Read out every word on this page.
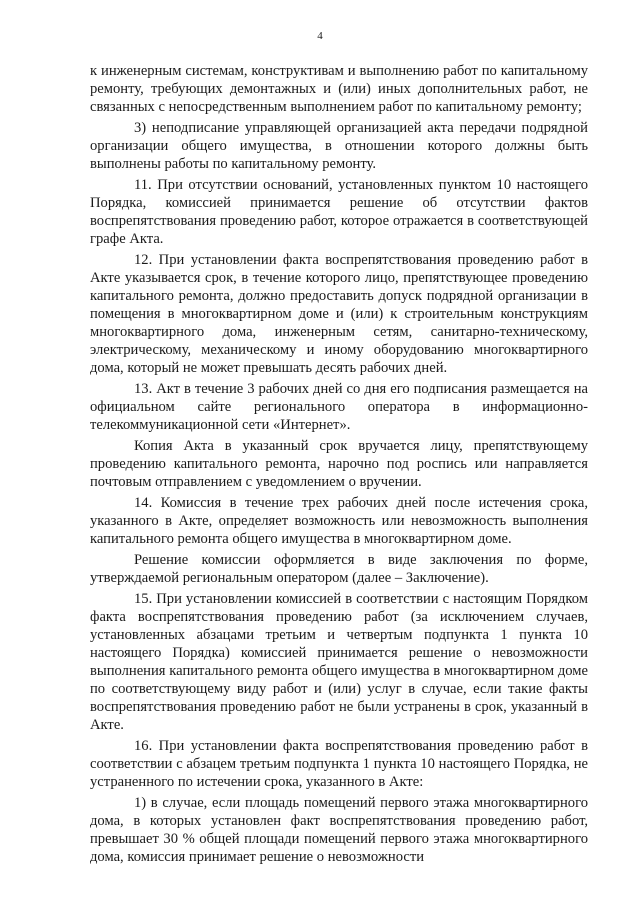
4

к инженерным системам, конструктивам и выполнению работ по капитальному ремонту, требующих демонтажных и (или) иных дополнительных работ, не связанных с непосредственным выполнением работ по капитальному ремонту;

3) неподписание управляющей организацией акта передачи подрядной организации общего имущества, в отношении которого должны быть выполнены работы по капитальному ремонту.

11. При отсутствии оснований, установленных пунктом 10 настоящего Порядка, комиссией принимается решение об отсутствии фактов воспрепятствования проведению работ, которое отражается в соответствующей графе Акта.

12. При установлении факта воспрепятствования проведению работ в Акте указывается срок, в течение которого лицо, препятствующее проведению капитального ремонта, должно предоставить допуск подрядной организации в помещения в многоквартирном доме и (или) к строительным конструкциям многоквартирного дома, инженерным сетям, санитарно-техническому, электрическому, механическому и иному оборудованию многоквартирного дома, который не может превышать десять рабочих дней.

13. Акт в течение 3 рабочих дней со дня его подписания размещается на официальном сайте регионального оператора в информационно-телекоммуникационной сети «Интернет».

Копия Акта в указанный срок вручается лицу, препятствующему проведению капитального ремонта, нарочно под роспись или направляется почтовым отправлением с уведомлением о вручении.

14. Комиссия в течение трех рабочих дней после истечения срока, указанного в Акте, определяет возможность или невозможность выполнения капитального ремонта общего имущества в многоквартирном доме.

Решение комиссии оформляется в виде заключения по форме, утверждаемой региональным оператором (далее – Заключение).

15. При установлении комиссией в соответствии с настоящим Порядком факта воспрепятствования проведению работ (за исключением случаев, установленных абзацами третьим и четвертым подпункта 1 пункта 10 настоящего Порядка) комиссией принимается решение о невозможности выполнения капитального ремонта общего имущества в многоквартирном доме по соответствующему виду работ и (или) услуг в случае, если такие факты воспрепятствования проведению работ не были устранены в срок, указанный в Акте.

16. При установлении факта воспрепятствования проведению работ в соответствии с абзацем третьим подпункта 1 пункта 10 настоящего Порядка, не устраненного по истечении срока, указанного в Акте:

1) в случае, если площадь помещений первого этажа многоквартирного дома, в которых установлен факт воспрепятствования проведению работ, превышает 30 % общей площади помещений первого этажа многоквартирного дома, комиссия принимает решение о невозможности
